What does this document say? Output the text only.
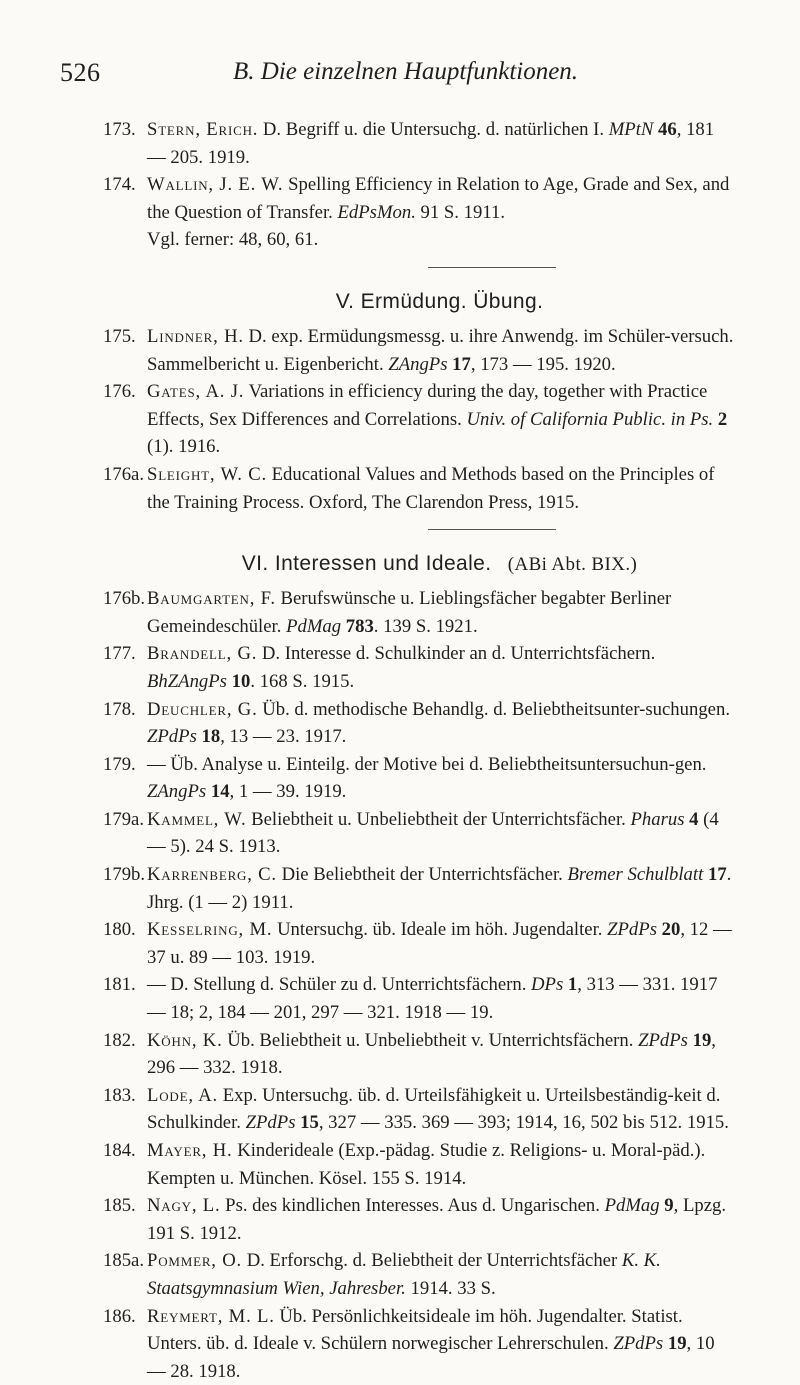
526	B. Die einzelnen Hauptfunktionen.
173. Stern, Erich. D. Begriff u. die Untersuchg. d. natürlichen I. MPtN 46, 181 — 205. 1919.
174. Wallin, J. E. W. Spelling Efficiency in Relation to Age, Grade and Sex, and the Question of Transfer. EdPsMon. 91 S. 1911.
Vgl. ferner: 48, 60, 61.
V. Ermüdung. Übung.
175. Lindner, H. D. exp. Ermüdungsmessg. u. ihre Anwendg. im Schüler-versuch. Sammelbericht u. Eigenbericht. ZAngPs 17, 173 — 195. 1920.
176. Gates, A. J. Variations in efficiency during the day, together with Practice Effects, Sex Differences and Correlations. Univ. of California Public. in Ps. 2 (1). 1916.
176a. Sleight, W. C. Educational Values and Methods based on the Principles of the Training Process. Oxford, The Clarendon Press, 1915.
VI. Interessen und Ideale. (ABi Abt. BIX.)
176b. Baumgarten, F. Berufswünsche u. Lieblingsfächer begabter Berliner Gemeindeschüler. PdMag 783. 139 S. 1921.
177. Brandell, G. D. Interesse d. Schulkinder an d. Unterrichtsfächern. BhZAngPs 10. 168 S. 1915.
178. Deuchler, G. Üb. d. methodische Behandlg. d. Beliebtheitsunter-suchungen. ZPdPs 18, 13 — 23. 1917.
179. — Üb. Analyse u. Einteilg. der Motive bei d. Beliebtheitsuntersuchun-gen. ZAngPs 14, 1 — 39. 1919.
179a. Kammel, W. Beliebtheit u. Unbeliebtheit der Unterrichtsfächer. Pharus 4 (4 — 5). 24 S. 1913.
179b. Karrenberg, C. Die Beliebtheit der Unterrichtsfächer. Bremer Schulblatt 17. Jhrg. (1 — 2) 1911.
180. Kesselring, M. Untersuchg. üb. Ideale im höh. Jugendalter. ZPdPs 20, 12 — 37 u. 89 — 103. 1919.
181. — D. Stellung d. Schüler zu d. Unterrichtsfächern. DPs 1, 313 — 331. 1917 — 18; 2, 184 — 201, 297 — 321. 1918 — 19.
182. Köhn, K. Üb. Beliebtheit u. Unbeliebtheit v. Unterrichtsfächern. ZPdPs 19, 296 — 332. 1918.
183. Lode, A. Exp. Untersuchg. üb. d. Urteilsfähigkeit u. Urteilsbeständig-keit d. Schulkinder. ZPdPs 15, 327 — 335. 369 — 393; 1914, 16, 502 bis 512. 1915.
184. Mayer, H. Kinderideale (Exp.-pädag. Studie z. Religions- u. Moral-päd.). Kempten u. München. Kösel. 155 S. 1914.
185. Nagy, L. Ps. des kindlichen Interesses. Aus d. Ungarischen. PdMag 9, Lpzg. 191 S. 1912.
185a. Pommer, O. D. Erforschg. d. Beliebtheit der Unterrichtsfächer K. K. Staatsgymnasium Wien, Jahresber. 1914. 33 S.
186. Reymert, M. L. Üb. Persönlichkeitsideale im höh. Jugendalter. Statist. Unters. üb. d. Ideale v. Schülern norwegischer Lehrerschulen. ZPdPs 19, 10 — 28. 1918.
